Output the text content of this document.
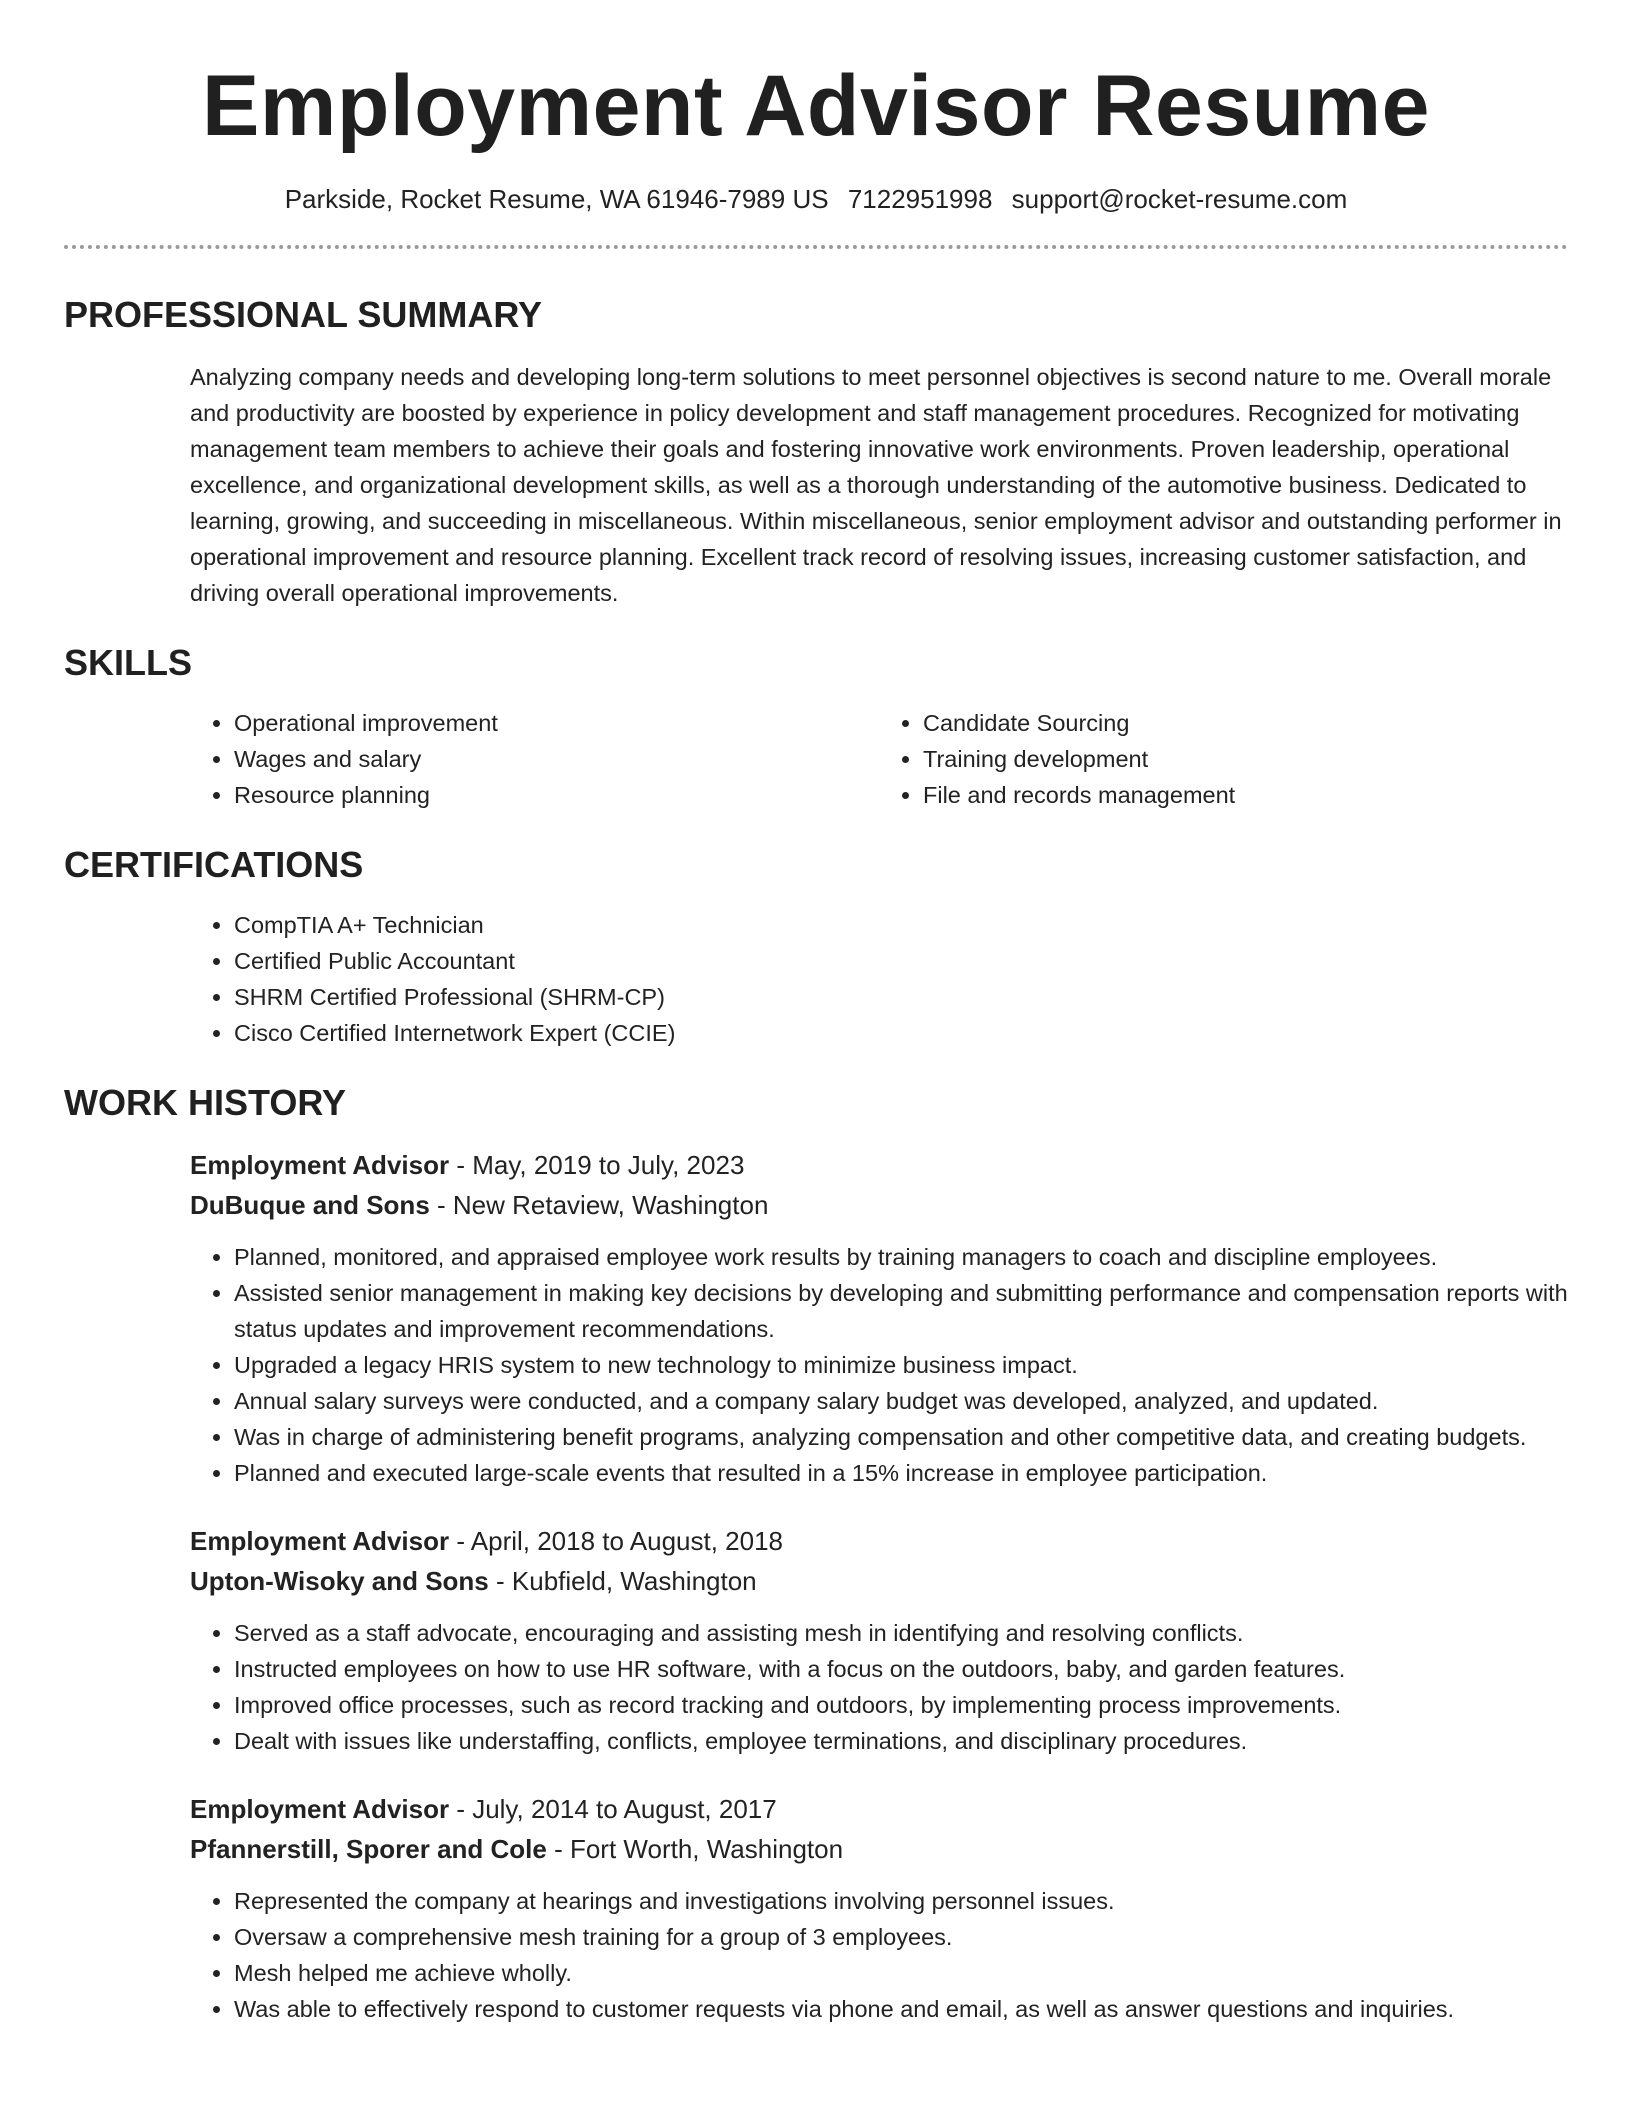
Employment Advisor Resume
Parkside, Rocket Resume, WA 61946-7989 US 7122951998 support@rocket-resume.com
PROFESSIONAL SUMMARY
Analyzing company needs and developing long-term solutions to meet personnel objectives is second nature to me. Overall morale and productivity are boosted by experience in policy development and staff management procedures. Recognized for motivating management team members to achieve their goals and fostering innovative work environments. Proven leadership, operational excellence, and organizational development skills, as well as a thorough understanding of the automotive business. Dedicated to learning, growing, and succeeding in miscellaneous. Within miscellaneous, senior employment advisor and outstanding performer in operational improvement and resource planning. Excellent track record of resolving issues, increasing customer satisfaction, and driving overall operational improvements.
SKILLS
• Operational improvement
• Wages and salary
• Resource planning
• Candidate Sourcing
• Training development
• File and records management
CERTIFICATIONS
• CompTIA A+ Technician
• Certified Public Accountant
• SHRM Certified Professional (SHRM-CP)
• Cisco Certified Internetwork Expert (CCIE)
WORK HISTORY
Employment Advisor - May, 2019 to July, 2023
DuBuque and Sons - New Retaview, Washington
• Planned, monitored, and appraised employee work results by training managers to coach and discipline employees.
• Assisted senior management in making key decisions by developing and submitting performance and compensation reports with status updates and improvement recommendations.
• Upgraded a legacy HRIS system to new technology to minimize business impact.
• Annual salary surveys were conducted, and a company salary budget was developed, analyzed, and updated.
• Was in charge of administering benefit programs, analyzing compensation and other competitive data, and creating budgets.
• Planned and executed large-scale events that resulted in a 15% increase in employee participation.
Employment Advisor - April, 2018 to August, 2018
Upton-Wisoky and Sons - Kubfield, Washington
• Served as a staff advocate, encouraging and assisting mesh in identifying and resolving conflicts.
• Instructed employees on how to use HR software, with a focus on the outdoors, baby, and garden features.
• Improved office processes, such as record tracking and outdoors, by implementing process improvements.
• Dealt with issues like understaffing, conflicts, employee terminations, and disciplinary procedures.
Employment Advisor - July, 2014 to August, 2017
Pfannerstill, Sporer and Cole - Fort Worth, Washington
• Represented the company at hearings and investigations involving personnel issues.
• Oversaw a comprehensive mesh training for a group of 3 employees.
• Mesh helped me achieve wholly.
• Was able to effectively respond to customer requests via phone and email, as well as answer questions and inquiries.
